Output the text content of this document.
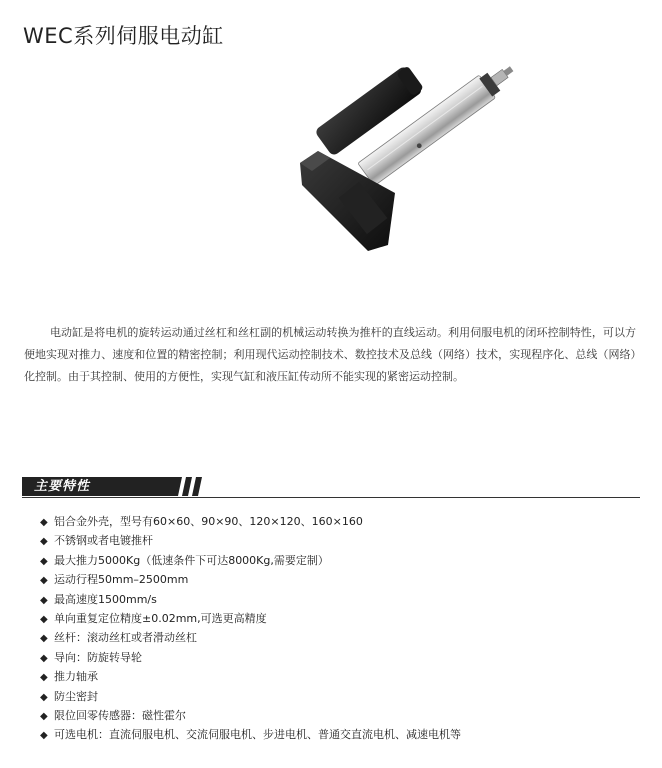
WEC系列伺服电动缸

电动缸是将电机的旋转运动通过丝杠和丝杠副的机械运动转换为推杆的直线运动。利用伺服电机的闭环控制特性，可以方便地实现对推力、速度和位置的精密控制；利用现代运动控制技术、数控技术及总线（网络）技术，实现程序化、总线（网络）化控制。由于其控制、使用的方便性，实现气缸和液压缸传动所不能实现的紧密运动控制。

主要特性
◆ 铝合金外壳，型号有60×60、90×90、120×120、160×160
◆ 不锈钢或者电镀推杆
◆ 最大推力5000Kg（低速条件下可达8000Kg,需要定制）
◆ 运动行程50mm–2500mm
◆ 最高速度1500mm/s
◆ 单向重复定位精度±0.02mm,可选更高精度
◆ 丝杆：滚动丝杠或者滑动丝杠
◆ 导向：防旋转导轮
◆ 推力轴承
◆ 防尘密封
◆ 限位回零传感器：磁性霍尔
◆ 可选电机：直流伺服电机、交流伺服电机、步进电机、普通交直流电机、减速电机等
